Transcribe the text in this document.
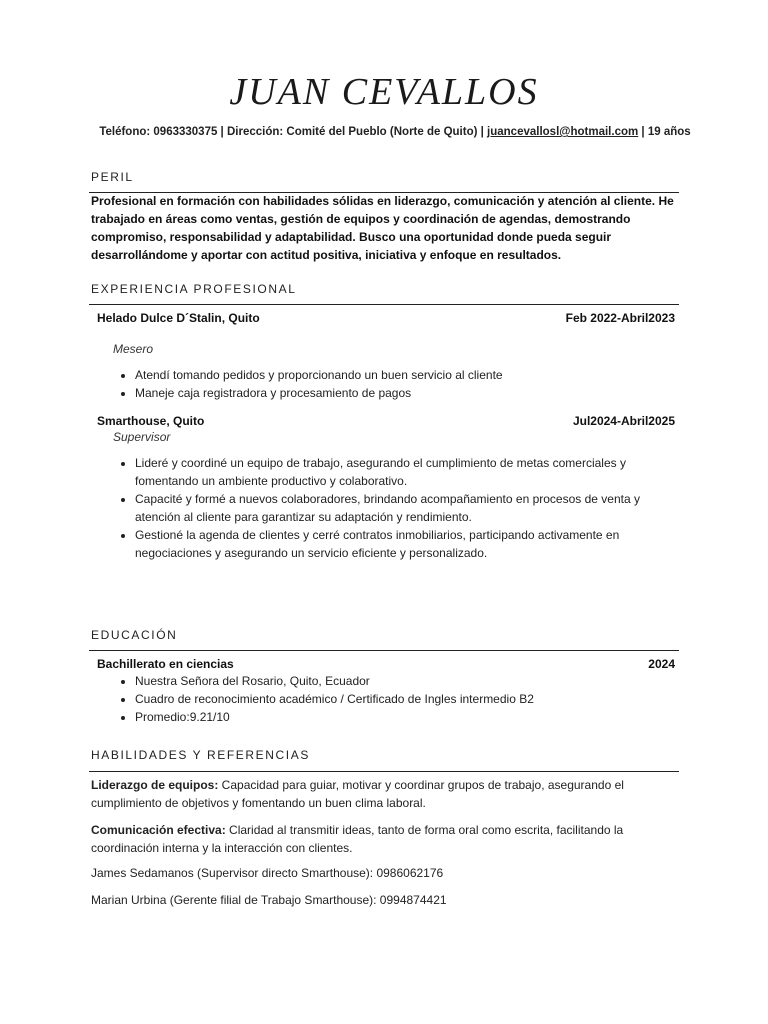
JUAN CEVALLOS
Teléfono: 0963330375 | Dirección: Comité del Pueblo (Norte de Quito) | juancevallosl@hotmail.com | 19 años
PERIL
Profesional en formación con habilidades sólidas en liderazgo, comunicación y atención al cliente. He trabajado en áreas como ventas, gestión de equipos y coordinación de agendas, demostrando compromiso, responsabilidad y adaptabilidad. Busco una oportunidad donde pueda seguir desarrollándome y aportar con actitud positiva, iniciativa y enfoque en resultados.
EXPERIENCIA PROFESIONAL
Helado Dulce D´Stalin, Quito	Feb 2022-Abril2023
Mesero
• Atendí tomando pedidos y proporcionando un buen servicio al cliente
• Maneje caja registradora y procesamiento de pagos
Smarthouse, Quito	Jul2024-Abril2025
Supervisor
• Lideré y coordiné un equipo de trabajo, asegurando el cumplimiento de metas comerciales y fomentando un ambiente productivo y colaborativo.
• Capacité y formé a nuevos colaboradores, brindando acompañamiento en procesos de venta y atención al cliente para garantizar su adaptación y rendimiento.
• Gestioné la agenda de clientes y cerré contratos inmobiliarios, participando activamente en negociaciones y asegurando un servicio eficiente y personalizado.
EDUCACIÓN
Bachillerato en ciencias	2024
• Nuestra Señora del Rosario, Quito, Ecuador
• Cuadro de reconocimiento académico / Certificado de Ingles intermedio B2
• Promedio:9.21/10
HABILIDADES Y REFERENCIAS
Liderazgo de equipos: Capacidad para guiar, motivar y coordinar grupos de trabajo, asegurando el cumplimiento de objetivos y fomentando un buen clima laboral.
Comunicación efectiva: Claridad al transmitir ideas, tanto de forma oral como escrita, facilitando la coordinación interna y la interacción con clientes.
James Sedamanos (Supervisor directo Smarthouse): 0986062176
Marian Urbina (Gerente filial de Trabajo Smarthouse): 0994874421
